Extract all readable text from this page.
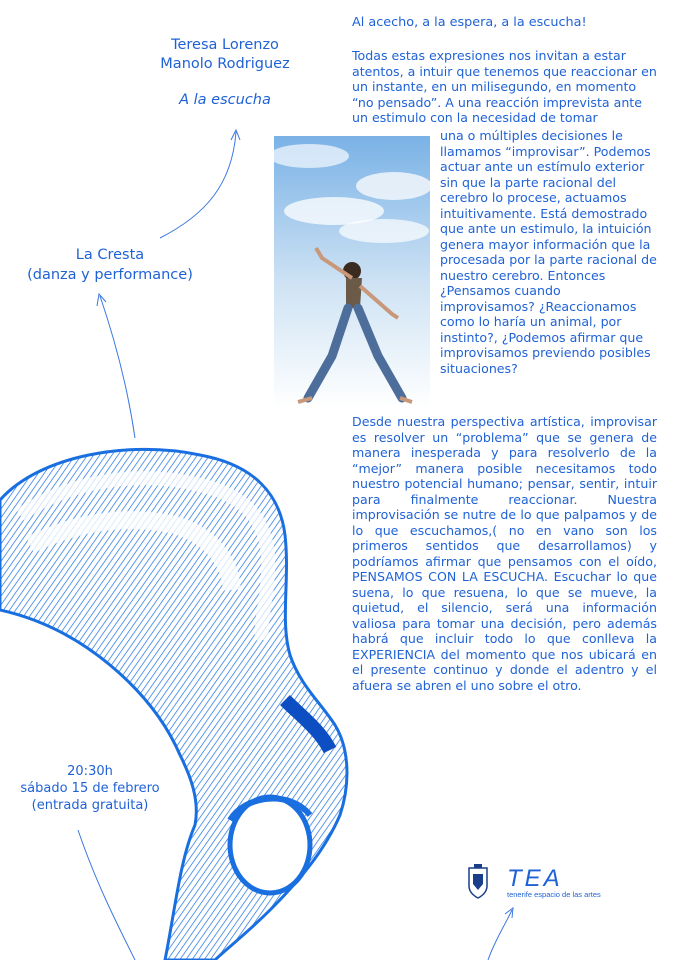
Teresa Lorenzo
Manolo Rodriguez
A la escucha
La Cresta
(danza y performance)
20:30h
sábado 15 de febrero
(entrada gratuita)
Al acecho, a la espera, a la escucha!
Todas estas expresiones nos invitan a estar atentos, a intuir que tenemos que reaccionar en un instante, en un milisegundo, en momento “no pensado”. A una reacción imprevista ante un estimulo con la necesidad de tomar
una o múltiples decisiones le llamamos “improvisar”. Podemos actuar ante un estímulo exterior sin que la parte racional del cerebro lo procese, actuamos intuitivamente. Está demostrado que ante un estimulo, la intuición genera mayor información que la procesada por la parte racional de nuestro cerebro. Entonces ¿Pensamos cuando improvisamos? ¿Reaccionamos como lo haría un animal, por instinto?, ¿Podemos afirmar que improvisamos previendo posibles situaciones?
Desde nuestra perspectiva artística, improvisar es resolver un “problema” que se genera de manera inesperada y para resolverlo de la “mejor” manera posible necesitamos todo nuestro potencial humano; pensar, sentir, intuir para finalmente reaccionar. Nuestra improvisación se nutre de lo que palpamos y de lo que escuchamos,( no en vano son los primeros sentidos que desarrollamos) y podríamos afirmar que pensamos con el oído, PENSAMOS CON LA ESCUCHA. Escuchar lo que suena, lo que resuena, lo que se mueve, la quietud, el silencio, será una información valiosa para tomar una decisión, pero además habrá que incluir todo lo que conlleva la EXPERIENCIA del momento que nos ubicará en el presente continuo y donde el adentro y el afuera se abren el uno sobre el otro.
TEA
tenerife espacio de las artes
